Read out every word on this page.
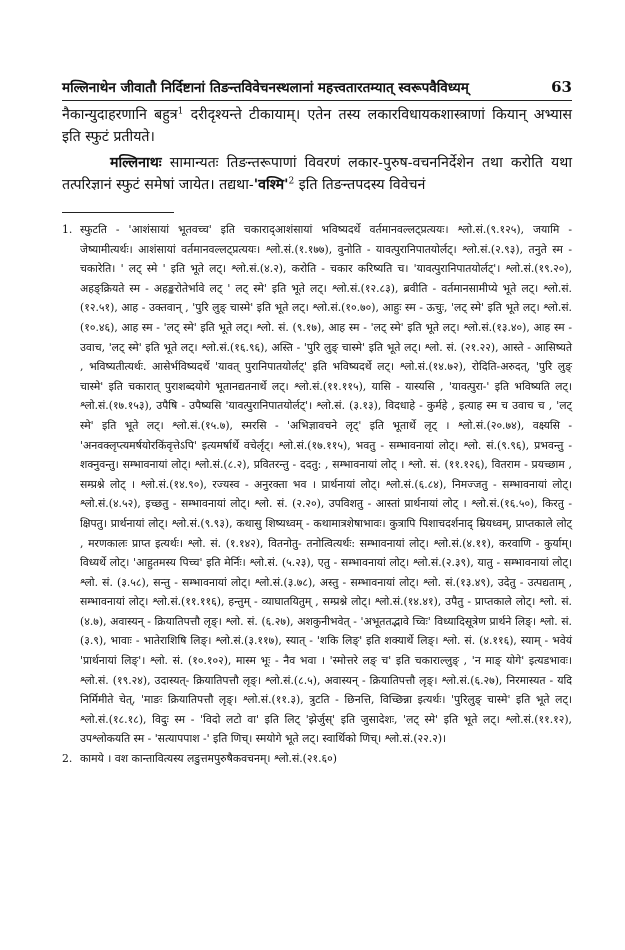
मल्लिनाथेन जीवातौ निर्दिष्टानां तिङन्तविवेचनस्थलानां महत्त्वतारतम्यात् स्वरूपवैविध्यम्	63

नैकान्युदाहरणानि बहुत्र$^1$ दरीदृश्यन्ते टीकायाम्। एतेन तस्य लकारविधायकशास्त्राणां कियान् अभ्यास इति स्फुटं प्रतीयते।

मल्लिनाथः सामान्यतः तिङन्तरूपाणां विवरणं लकार-पुरुष-वचननिर्देशेन तथा करोति यथा तत्परिज्ञानं स्फुटं समेषां जायेत। $तद्यथा-'वश्मि'^2$ इति तिङन्तपदस्य विवेचनं

1. स्फुटति - 'आशंसायां भूतवच्च' इति चकाराद्आशंसायां भविष्यदर्थे वर्तमानवल्लट्प्रत्ययः। श्लो.सं.(९.१२५), जयामि - जेष्यामीत्यर्थः। आशंसायां वर्तमानवल्लट्प्रत्ययः। श्लो.सं.(१.१७७), वुनोति - यावत्पुरानिपातयोर्लट्। श्लो.सं.(२.९३), तनुते स्म - चकारेति। ' लट् स्मे ' इति भूते लट्। श्लो.सं.(४.२), करोति - चकार करिष्यति च। 'यावत्पुरानिपातयोर्लट्'। श्लो.सं.(१९.२०), अहङ्क्रियते स्म - अहङ्करोतेर्भावे लट् ' लट् स्मे' इति भूते लट्। श्लो.सं.(१२.८३), ब्रवीति - वर्तमानसामीप्ये भूते लट्। श्लो.सं.(१२.५१), आह - उक्तवान् , 'पुरि लुङ् चास्मे' इति भूते लट्। श्लो.सं.(१०.७०), आहुः स्म - ऊचुः, 'लट् स्मे' इति भूते लट्। श्लो.सं.(१०.४६), आह स्म - 'लट् स्मे' इति भूते लट्। श्लो. सं. (९.१७), आह स्म - 'लट् स्मे' इति भूते लट्। श्लो.सं.(१३.४०), आह स्म - उवाच, 'लट् स्मे' इति भूते लट्। श्लो.सं.(१६.९६), अस्ति - 'पुरि लुङ् चास्मे' इति भूते लट्। श्लो. सं. (२१.२२), आस्ते - आसिष्यते , भविष्यतीत्यर्थः. आसेर्भविष्यदर्थे 'यावत् पुरानिपातयोर्लट्' इति भविष्यदर्थे लट्। श्लो.सं.(१४.७२), रोदिति-अरुदत्, 'पुरि लुङ् चास्मे' इति चकारात् पुराशब्दयोगे भूतानद्यतनार्थे लट्। श्लो.सं.(११.११५), यासि - यास्यसि , 'यावत्पुरा-' इति भविष्यति लट्। श्लो.सं.(१७.१५३), उपैषि - उपैष्यसि 'यावत्पुरानिपातयोर्लट्'। श्लो.सं. (३.१३), विदधाहे - कुर्महे , इत्याह स्म च उवाच च , 'लट् स्मे' इति भूते लट्। श्लो.सं.(१५.७), स्मरसि - 'अभिज्ञावचने लृट्' इति भूतार्थे लृट् । श्लो.सं.(२०.७४), वक्ष्यसि - 'अनवक्लृप्त्यमर्षयोरकिंवृत्तेऽपि' इत्यमर्षार्थे वचेर्लृट्। श्लो.सं.(१७.११५), भवतु - सम्भावनायां लोट्। श्लो. सं.(९.९६), प्रभवन्तु - शक्नुवन्तु। सम्भावनायां लोट्। श्लो.सं.(८.२), प्रवितरन्तु - ददतु: , सम्भावनायां लोट् । श्लो. सं. (११.१२६), वितराम - प्रयच्छाम , सम्प्रश्ने लोट् । श्लो.सं.(१४.९०), रज्यस्व - अनुरक्ता भव । प्रार्थनायां लोट्। श्लो.सं.(६.८४), निमज्जतु - सम्भावनायां लोट्। श्लो.सं.(४.५२), इच्छतु - सम्भावनायां लोट्। श्लो. सं. (२.२०), उपविशतु - आस्तां प्रार्थनायां लोट् । श्लो.सं.(१६.५०), किरतु - क्षिपतु। प्रार्थनायां लोट्। श्लो.सं.(९.९३), कथासु शिष्यध्वम् - कथामात्रशेषाभावः। कुत्रापि पिशाचदर्शनाद् म्रियध्वम्, प्राप्तकाले लोट् , मरणकालः प्राप्त इत्यर्थः। श्लो. सं. (१.१४२), वितनोतु- तनोत्वित्यर्थः: सम्भावनायां लोट्। श्लो.सं.(४.११), करवाणि - कुर्याम्। विध्यर्थे लोट्। 'आहुतमस्य पिच्च' इति मेर्निः। श्लो.सं. (५.२३), एतु - सम्भावनायां लोट्। श्लो.सं.(२.३९), यातु - सम्भावनायां लोट्। श्लो. सं. (३.५८), सन्तु - सम्भावनायां लोट्। श्लो.सं.(३.७८), अस्तु - सम्भावनायां लोट्। श्लो. सं.(१३.४९), उदेतु - उत्पद्यताम् , सम्भावनायां लोट्। श्लो.सं.(११.११६), हन्तुम् - व्याघातयितुम् , सम्प्रश्ने लोट्। श्लो.सं.(१४.४१), उपैतु - प्राप्तकाले लोट्। श्लो. सं. (४.७), अवास्यन् - क्रियातिपत्तौ लृङ्। श्लो. सं. (६.२७), अशकुनीभवेत् - 'अभूततद्भावे च्विः' विध्यादिसूत्रेण प्रार्थने लिङ्। श्लो. सं. (३.९), भावाः - भातेराशिषि लिङ्। श्लो.सं.(३.११७), स्यात् - 'शकि लिङ्' इति शक्यार्थे लिङ्। श्लो. सं. (४.११६), स्याम् - भवेयं 'प्रार्थनायां लिङ्'। श्लो. सं. (१०.१०२), मास्म भूः - नैव भवा । 'स्मोत्तरे लङ् च' इति चकाराल्लुङ् , 'न माङ् योगे' इत्यडभावः। श्लो.सं. (१९.२४), उदास्यत्- क्रियातिपत्तौ लृङ्। श्लो.सं.(८.५), अवास्यन् - क्रियातिपत्तौ लृङ्। श्लो.सं.(६.२७), निरमास्यत - यदि निर्मिमीते चेत्, 'माङः क्रियातिपत्तौ लृङ्। श्लो.सं.(११.३), त्रुटति - छिनत्ति, विच्छिन्ना इत्यर्थः। 'पुरिलुङ् चास्मे' इति भूते लट्। श्लो.सं.(१८.१८), विदुः स्म - 'विदो लटो वा' इति लिट् 'झेर्जुस्' इति जुसादेशः, 'लट् स्मे' इति भूते लट्। श्लो.सं.(११.१२), उपश्लोकयति स्म - 'सत्यापपाश -' इति णिच्। स्मयोगे भूते लट्। स्वार्थिको णिच्। श्लो.सं.(२२.२)।
2. कामये । वश कान्तावित्यस्य लडुत्तमपुरुषैकवचनम्। श्लो.सं.(२१.६०)
